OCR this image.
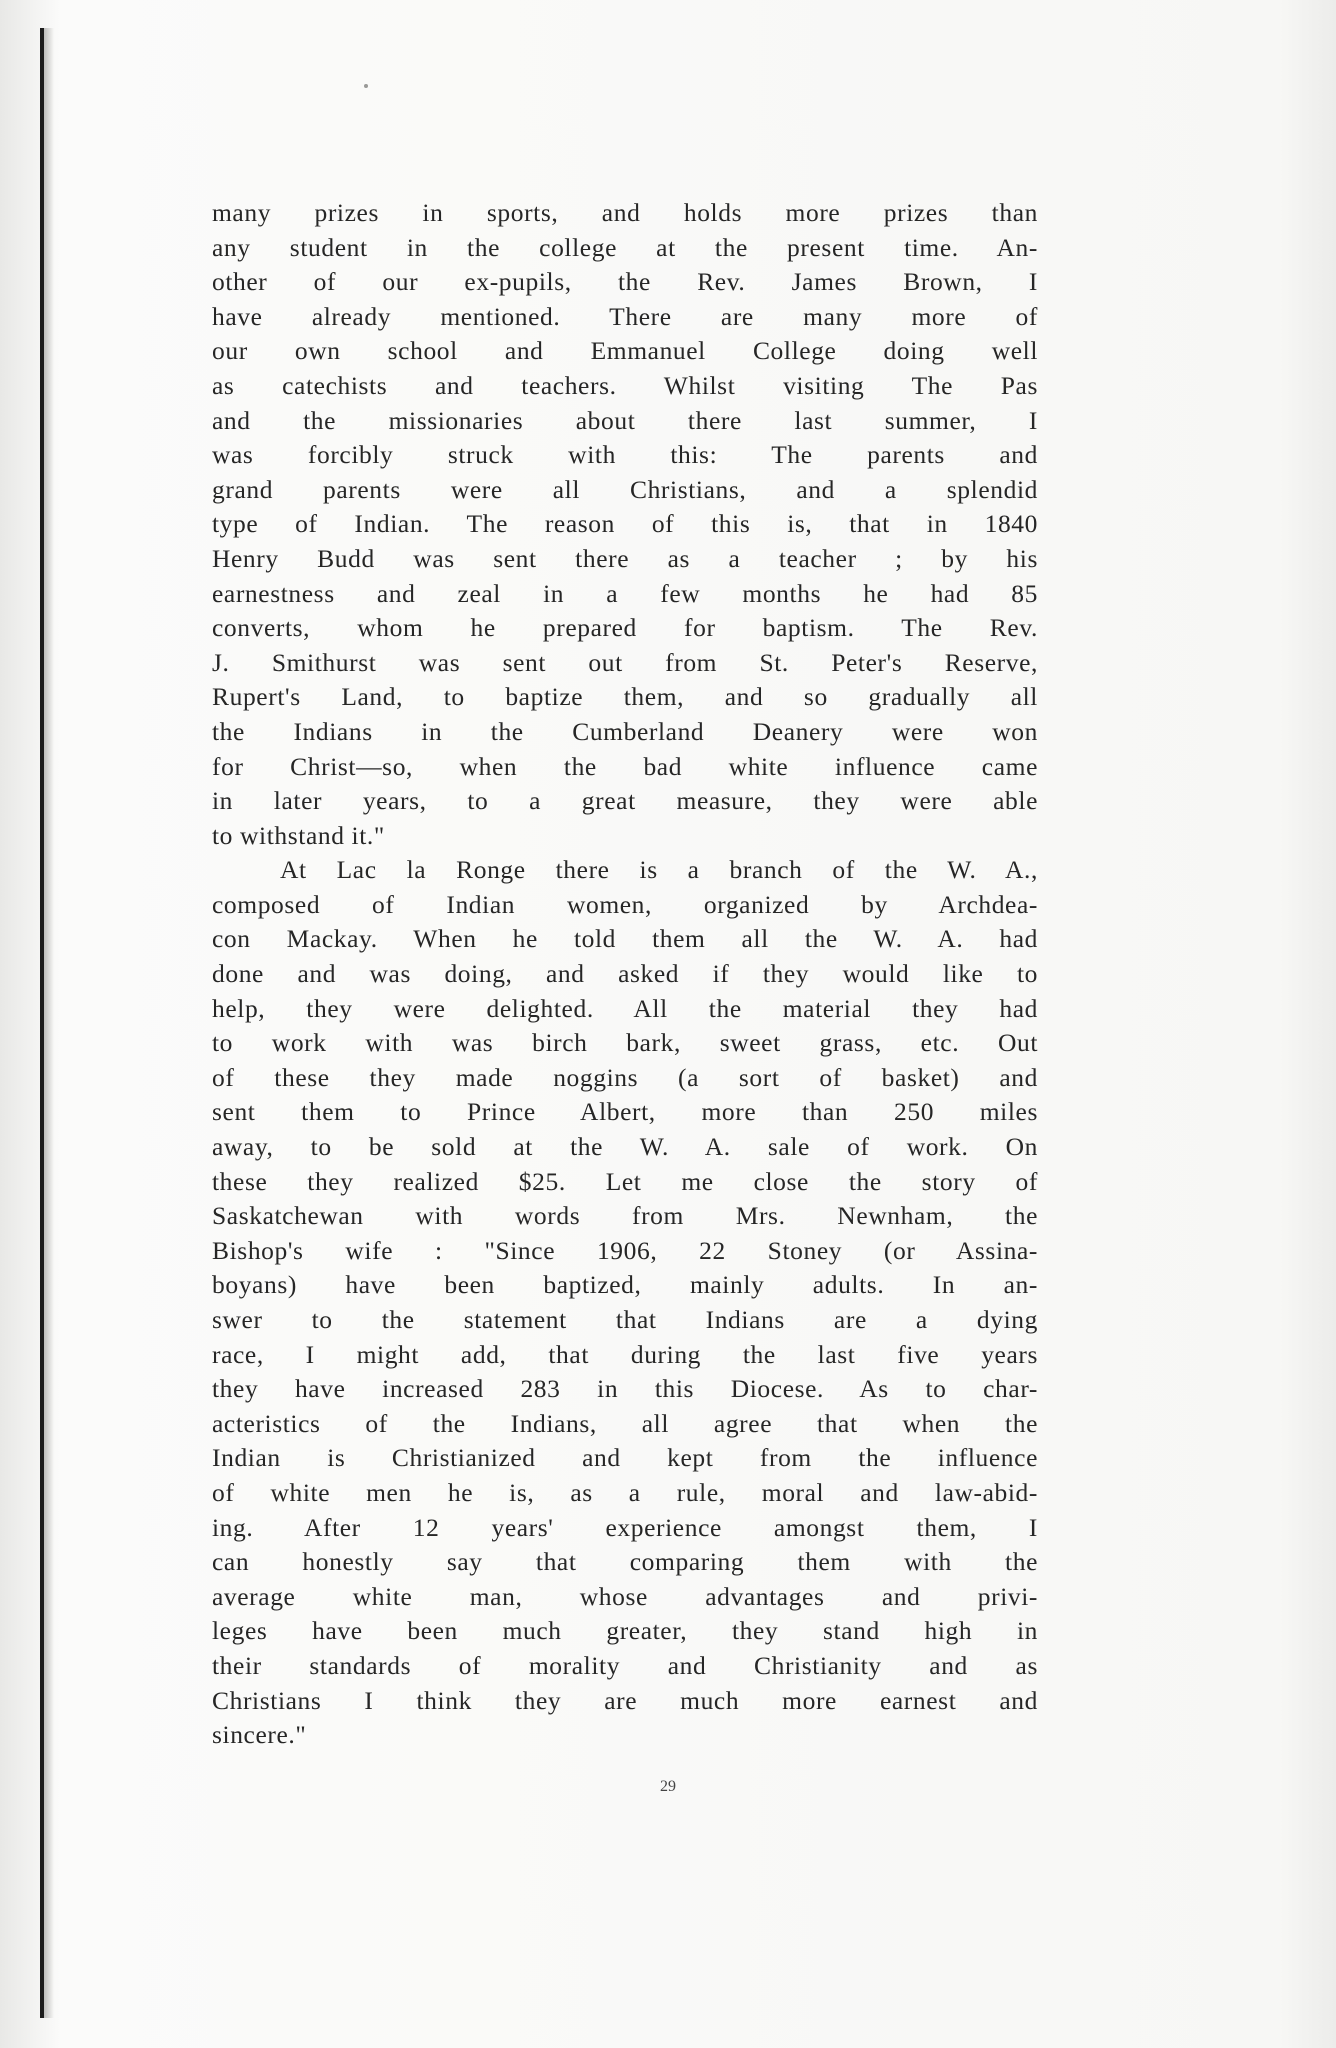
many prizes in sports, and holds more prizes than
any student in the college at the present time. An-
other of our ex-pupils, the Rev. James Brown, I
have already mentioned. There are many more of
our own school and Emmanuel College doing well
as catechists and teachers. Whilst visiting The Pas
and the missionaries about there last summer, I
was forcibly struck with this: The parents and
grand parents were all Christians, and a splendid
type of Indian. The reason of this is, that in 1840
Henry Budd was sent there as a teacher ; by his
earnestness and zeal in a few months he had 85
converts, whom he prepared for baptism. The Rev.
J. Smithurst was sent out from St. Peter's Reserve,
Rupert's Land, to baptize them, and so gradually all
the Indians in the Cumberland Deanery were won
for Christ—so, when the bad white influence came
in later years, to a great measure, they were able
to withstand it."
At Lac la Ronge there is a branch of the W. A.,
composed of Indian women, organized by Archdea-
con Mackay. When he told them all the W. A. had
done and was doing, and asked if they would like to
help, they were delighted. All the material they had
to work with was birch bark, sweet grass, etc. Out
of these they made noggins (a sort of basket) and
sent them to Prince Albert, more than 250 miles
away, to be sold at the W. A. sale of work. On
these they realized $25. Let me close the story of
Saskatchewan with words from Mrs. Newnham, the
Bishop's wife : "Since 1906, 22 Stoney (or Assina-
boyans) have been baptized, mainly adults. In an-
swer to the statement that Indians are a dying
race, I might add, that during the last five years
they have increased 283 in this Diocese. As to char-
acteristics of the Indians, all agree that when the
Indian is Christianized and kept from the influence
of white men he is, as a rule, moral and law-abid-
ing. After 12 years' experience amongst them, I
can honestly say that comparing them with the
average white man, whose advantages and privi-
leges have been much greater, they stand high in
their standards of morality and Christianity and as
Christians I think they are much more earnest and
sincere."
29
